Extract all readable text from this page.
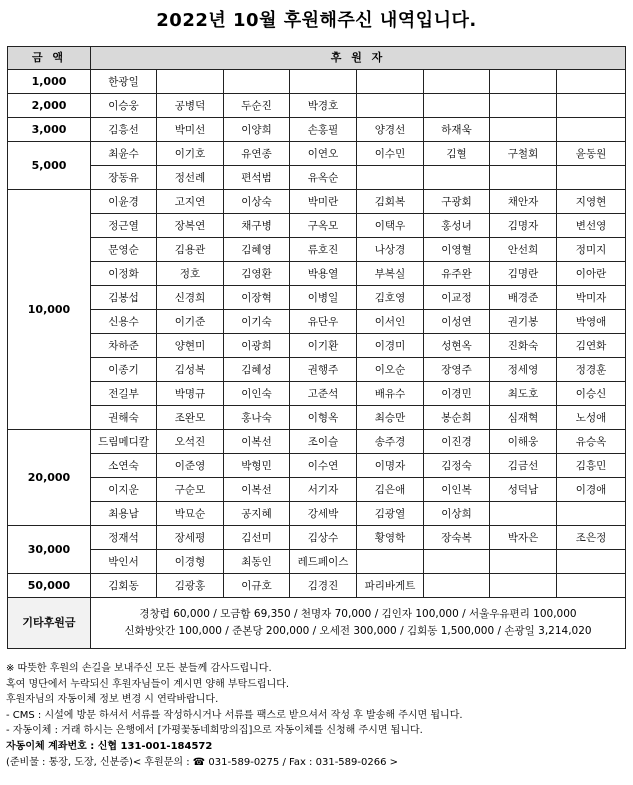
2022년 10월 후원해주신 내역입니다.
금 액	후 원 자							
1,000	한광일							
2,000	이승웅	공병덕	두순진	박경호				
3,000	김흥선	박미선	이양희	손홍필	양경선	하재욱		
5,000	최윤수	이기호	유연종	이연오	이수민	김혈	구철회	윤동원
	장동유	정선례	편석범	유옥순				
10,000	이윤경	고지연	이상숙	박미란	김회복	구광회	채안자	지영현
	정근열	장복연	채구병	구옥모	이택우	홍성녀	김명자	변선영
	문영순	김용관	김혜영	류호진	나상경	이영혈	안선희	정미지
	이정화	정호	김영환	박용열	부복실	유주완	김명란	이아란
	김봉섭	신경희	이장혁	이병일	김호영	이교정	배경준	박미자
	신용수	이기준	이기숙	유단우	이서인	이성연	권기봉	박영애
	차하준	양현미	이광희	이기환	이경미	성현옥	진화숙	김연화
	이종기	김성복	김혜성	권행주	이오순	장영주	정세영	정경훈
	전길부	박명규	이인숙	고준석	배유수	이경민	최도호	이승신
	권해숙	조완모	홍나숙	이형옥	최승만	봉순희	심재혁	노성애
20,000	드림메디칼	오석진	이복선	조이슬	송주경	이진경	이해웅	유승옥
	소연숙	이준영	박형민	이수연	이명자	김정숙	김금선	김흥민
	이지운	구순모	이복선	서기자	김은애	이인복	성덕남	이경애
	최용남	박묘순	공지혜	강세박	김광열	이상희		
30,000	정재석	장세평	김선미	김상수	황영학	장숙복	박자은	조은정
	박인서	이경형	최동인	레드페이스				
50,000	김회동	김광홍	이규호	김경진	파리바게트			
기타후원금	경창렵 60,000 / 모금함 69,350 / 천명자 70,000 / 김인자 100,000 / 서울우유편리 100,000
신화방앗간 100,000 / 준본당 200,000 / 오세전 300,000 / 김회동 1,500,000 / 손광일 3,214,020							
※ 따뜻한 후원의 손길을 보내주신 모든 분들께 감사드립니다.
혹여 명단에서 누락되신 후원자님들이 계시면 양해 부탁드립니다.
후원자님의 자동이체 정보 변경 시 연락바랍니다.
- CMS : 시설에 방문 하셔서 서류를 작성하시거나 서류를 팩스로 받으셔서 작성 후 발송해 주시면 됩니다.
- 자동이체 : 거래 하시는 은행에서 [가평꽃동네희망의집]으로 자동이체를 신청해 주시면 됩니다.
자동이체 계좌번호 : 신협 131-001-184572
(준비물 : 통장, 도장, 신분증)< 후원문의 : ☎ 031-589-0275 / Fax : 031-589-0266 >
